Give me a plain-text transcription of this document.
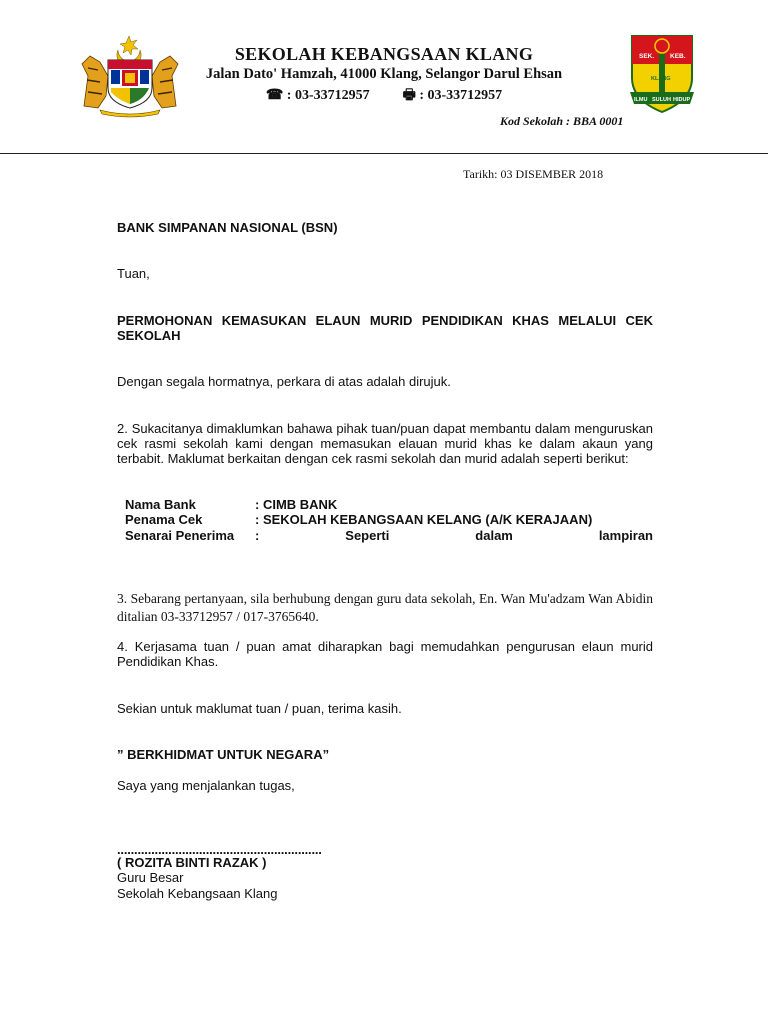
SEK. KEB.
KLANG
ILMU SULUH HIDUP
SEKOLAH KEBANGSAAN KLANG
Jalan Dato' Hamzah, 41000 Klang, Selangor Darul Ehsan
☎ : 03-33712957 🖶 : 03-33712957
Kod Sekolah : BBA 0001
Tarikh: 03 DISEMBER 2018
BANK SIMPANAN NASIONAL (BSN)
Tuan,
PERMOHONAN KEMASUKAN ELAUN MURID PENDIDIKAN KHAS MELALUI CEK SEKOLAH
Dengan segala hormatnya, perkara di atas adalah dirujuk.
2. Sukacitanya dimaklumkan bahawa pihak tuan/puan dapat membantu dalam menguruskan cek rasmi sekolah kami dengan memasukan elauan murid khas ke dalam akaun yang terbabit. Maklumat berkaitan dengan cek rasmi sekolah dan murid adalah seperti berikut:
Nama Bank	: CIMB BANK
Penama Cek	: SEKOLAH KEBANGSAAN KELANG (A/K KERAJAAN)
Senarai Penerima	:	Seperti	dalam	lampiran
3. Sebarang pertanyaan, sila berhubung dengan guru data sekolah, En. Wan Mu'adzam Wan Abidin ditalian 03-33712957 / 017-3765640.
4. Kerjasama tuan / puan amat diharapkan bagi memudahkan pengurusan elaun murid Pendidikan Khas.
Sekian untuk maklumat tuan / puan, terima kasih.
” BERKHIDMAT UNTUK NEGARA”
Saya yang menjalankan tugas,
............................................................
( ROZITA BINTI RAZAK )
Guru Besar
Sekolah Kebangsaan Klang
